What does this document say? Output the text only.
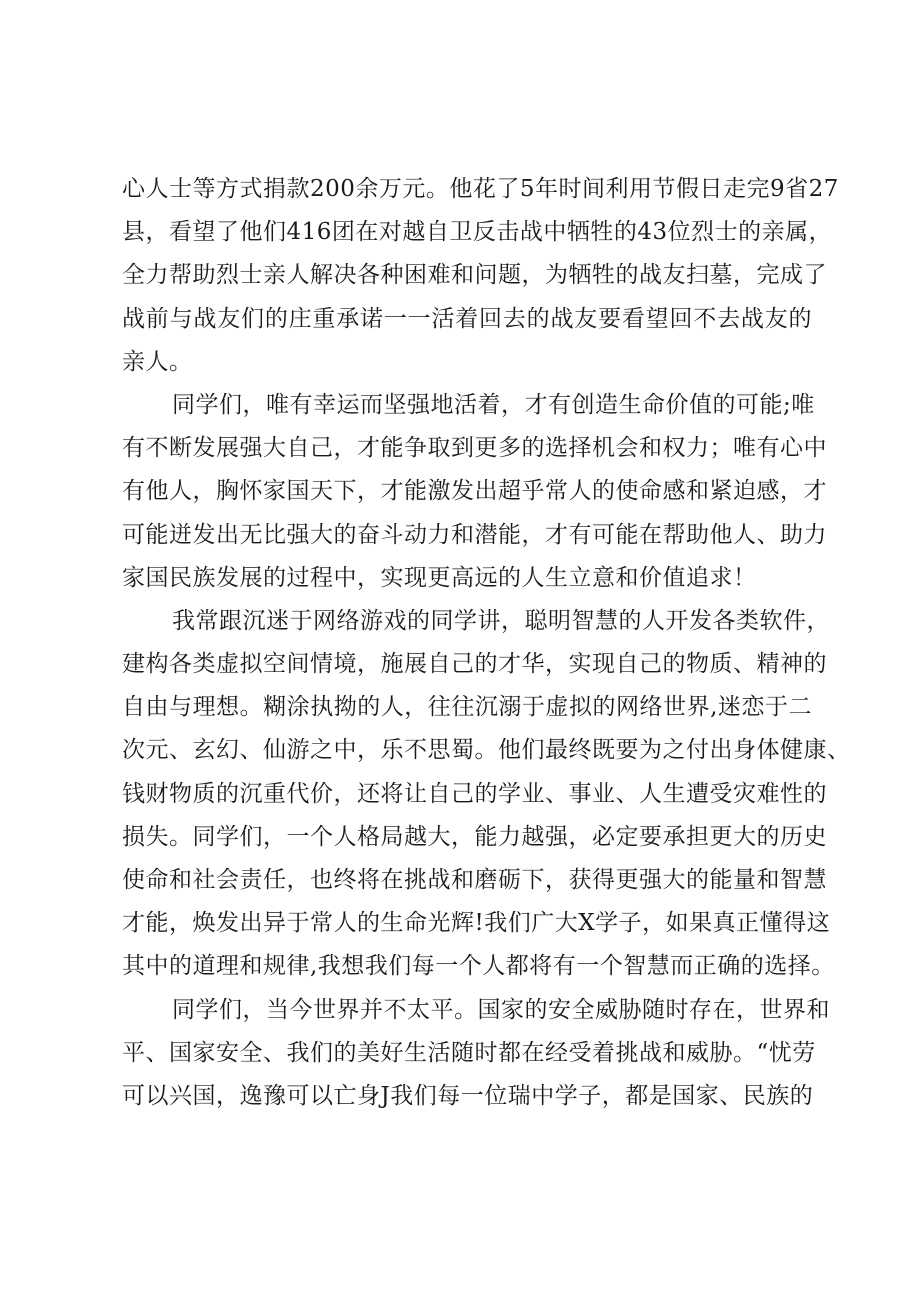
心人士等方式捐款200余万元。他花了5年时间利用节假日走完9省27
县，看望了他们416团在对越自卫反击战中牺牲的43位烈士的亲属，
全力帮助烈士亲人解决各种困难和问题，为牺牲的战友扫墓，完成了
战前与战友们的庄重承诺一一活着回去的战友要看望回不去战友的
亲人。
同学们，唯有幸运而坚强地活着，才有创造生命价值的可能;唯
有不断发展强大自己，才能争取到更多的选择机会和权力；唯有心中
有他人，胸怀家国天下，才能激发出超乎常人的使命感和紧迫感，才
可能迸发出无比强大的奋斗动力和潜能，才有可能在帮助他人、助力
家国民族发展的过程中，实现更高远的人生立意和价值追求！
我常跟沉迷于网络游戏的同学讲，聪明智慧的人开发各类软件，
建构各类虚拟空间情境，施展自己的才华，实现自己的物质、精神的
自由与理想。糊涂执拗的人，往往沉溺于虚拟的网络世界,迷恋于二
次元、玄幻、仙游之中，乐不思蜀。他们最终既要为之付出身体健康、
钱财物质的沉重代价，还将让自己的学业、事业、人生遭受灾难性的
损失。同学们，一个人格局越大，能力越强，必定要承担更大的历史
使命和社会责任，也终将在挑战和磨砺下，获得更强大的能量和智慧
才能，焕发出异于常人的生命光辉!我们广大X学子，如果真正懂得这
其中的道理和规律,我想我们每一个人都将有一个智慧而正确的选择。
同学们，当今世界并不太平。国家的安全威胁随时存在，世界和
平、国家安全、我们的美好生活随时都在经受着挑战和威胁。“忧劳
可以兴国，逸豫可以亡身J我们每一位瑞中学子，都是国家、民族的
